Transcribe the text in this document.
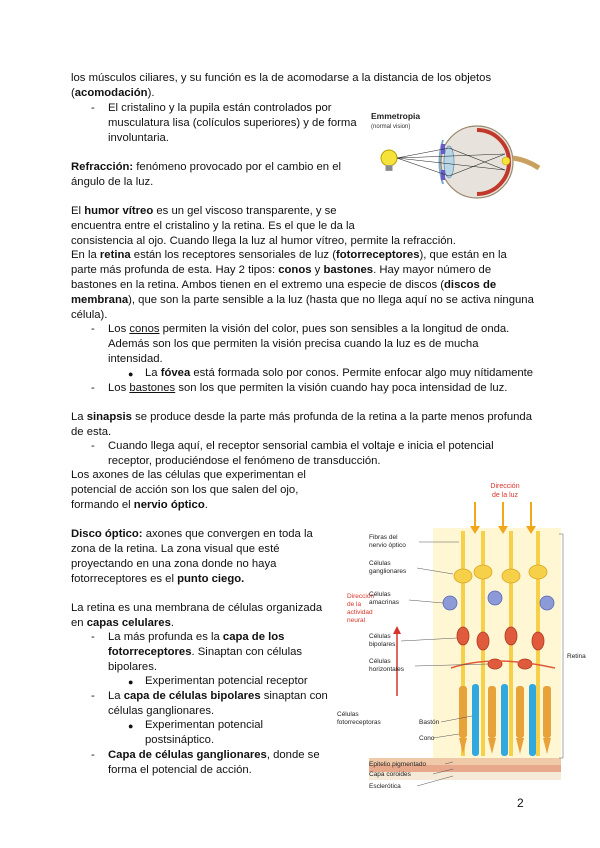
los músculos ciliares, y su función es la de acomodarse a la distancia de los objetos
(acomodación).
- El cristalino y la pupila están controlados por
musculatura lisa (colículos superiores) y de forma
involuntaria.
Refracción: fenómeno provocado por el cambio en el
ángulo de la luz.
El humor vítreo es un gel viscoso transparente, y se
encuentra entre el cristalino y la retina. Es el que le da la
consistencia al ojo. Cuando llega la luz al humor vítreo, permite la refracción.
En la retina están los receptores sensoriales de luz (fotorreceptores), que están en la
parte más profunda de esta. Hay 2 tipos: conos y bastones. Hay mayor número de
bastones en la retina. Ambos tienen en el extremo una especie de discos (discos de
membrana), que son la parte sensible a la luz (hasta que no llega aquí no se activa ninguna
célula).
- Los conos permiten la visión del color, pues son sensibles a la longitud de onda.
Además son los que permiten la visión precisa cuando la luz es de mucha
intensidad.
● La fóvea está formada solo por conos. Permite enfocar algo muy nítidamente
- Los bastones son los que permiten la visión cuando hay poca intensidad de luz.
La sinapsis se produce desde la parte más profunda de la retina a la parte menos profunda
de esta.
- Cuando llega aquí, el receptor sensorial cambia el voltaje e inicia el potencial
receptor, produciéndose el fenómeno de transducción.
Los axones de las células que experimentan el
potencial de acción son los que salen del ojo,
formando el nervio óptico.
Disco óptico: axones que convergen en toda la
zona de la retina. La zona visual que esté
proyectando en una zona donde no haya
fotorreceptores es el punto ciego.
La retina es una membrana de células organizada
en capas celulares.
- La más profunda es la capa de los
fotorreceptores. Sinaptan con células
bipolares.
● Experimentan potencial receptor
- La capa de células bipolares sinaptan con
células ganglionares.
● Experimentan potencial
postsináptico.
- Capa de células ganglionares, donde se
forma el potencial de acción.
2
Emmetropia
(normal vision)
Dirección
de la luz
Dirección
de la
actividad
neural
Fibras del
nervio óptico
Células
ganglionares
Células
amacrinas
Células
bipolares
Células
horizontales
Células
fotorreceptoras	Bastón
Cono
Epitelio pigmentado
Capa coroides
Esclerótica
Retina
